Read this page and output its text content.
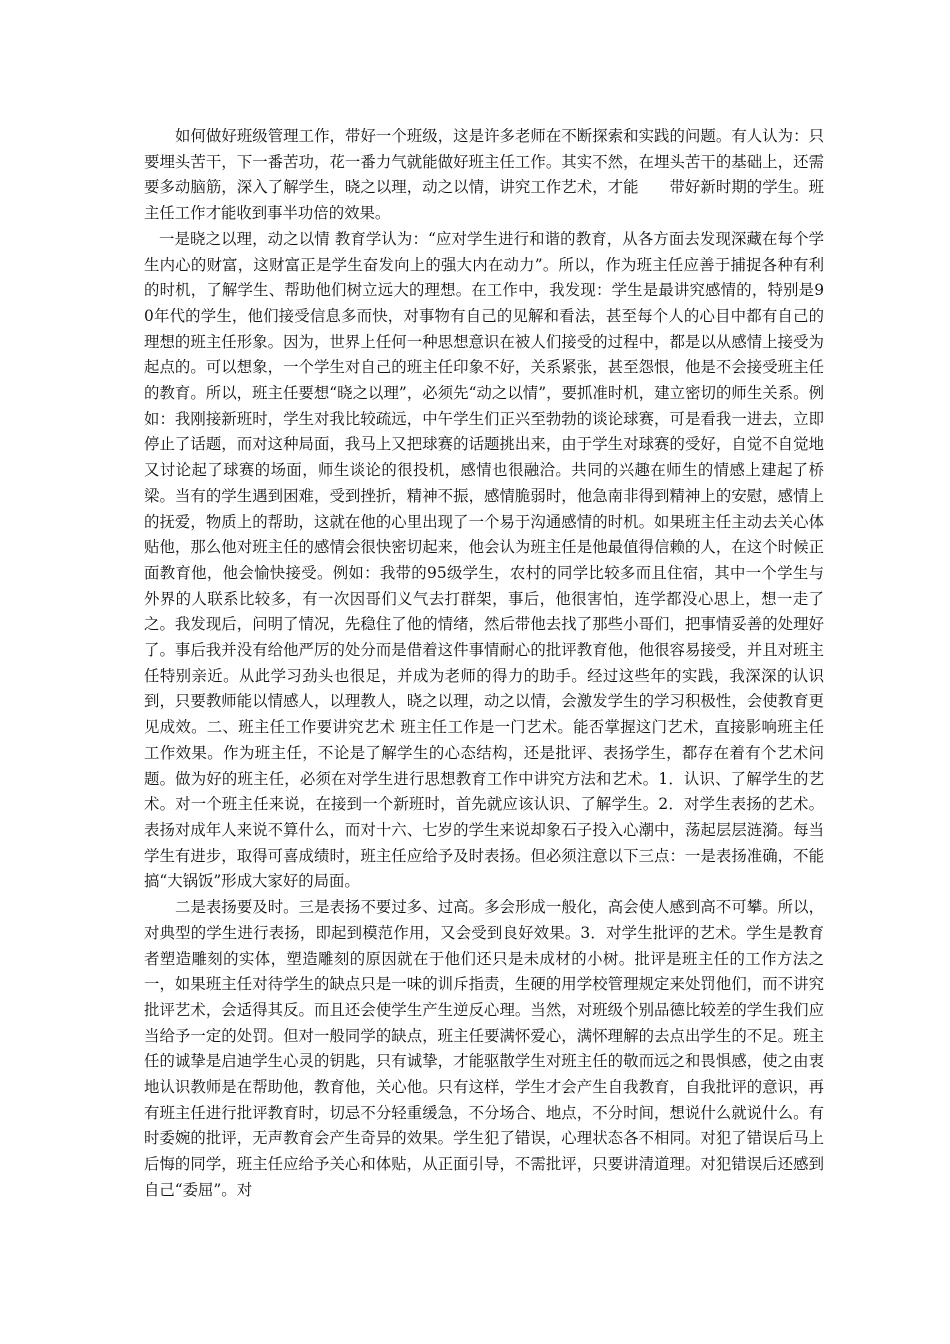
如何做好班级管理工作，带好一个班级，这是许多老师在不断探索和实践的问题。有人认为：只要埋头苦干，下一番苦功，花一番力气就能做好班主任工作。其实不然，在埋头苦干的基础上，还需要多动脑筋，深入了解学生，晓之以理，动之以情，讲究工作艺术，才能　　带好新时期的学生。班主任工作才能收到事半功倍的效果。

一是晓之以理，动之以情 教育学认为：“应对学生进行和谐的教育，从各方面去发现深藏在每个学生内心的财富，这财富正是学生奋发向上的强大内在动力”。所以，作为班主任应善于捕捉各种有利的时机，了解学生、帮助他们树立远大的理想。在工作中，我发现：学生是最讲究感情的，特别是90年代的学生，他们接受信息多而快，对事物有自己的见解和看法，甚至每个人的心目中都有自己的理想的班主任形象。因为，世界上任何一种思想意识在被人们接受的过程中，都是以从感情上接受为起点的。可以想象，一个学生对自己的班主任印象不好，关系紧张，甚至怨恨，他是不会接受班主任的教育。所以，班主任要想“晓之以理”，必须先“动之以情”，要抓准时机，建立密切的师生关系。例如：我刚接新班时，学生对我比较疏远，中午学生们正兴至勃勃的谈论球赛，可是看我一进去，立即停止了话题，而对这种局面，我马上又把球赛的话题挑出来，由于学生对球赛的受好，自觉不自觉地又讨论起了球赛的场面，师生谈论的很投机，感情也很融洽。共同的兴趣在师生的情感上建起了桥梁。当有的学生遇到困难，受到挫折，精神不振，感情脆弱时，他急南非得到精神上的安慰，感情上的抚爱，物质上的帮助，这就在他的心里出现了一个易于沟通感情的时机。如果班主任主动去关心体贴他，那么他对班主任的感情会很快密切起来，他会认为班主任是他最值得信赖的人，在这个时候正面教育他，他会愉快接受。例如：我带的95级学生，农村的同学比较多而且住宿，其中一个学生与外界的人联系比较多，有一次因哥们义气去打群架，事后，他很害怕，连学都没心思上，想一走了之。我发现后，问明了情况，先稳住了他的情绪，然后带他去找了那些小哥们，把事情妥善的处理好了。事后我并没有给他严厉的处分而是借着这件事情耐心的批评教育他，他很容易接受，并且对班主任特别亲近。从此学习劲头也很足，并成为老师的得力的助手。经过这些年的实践，我深深的认识到，只要教师能以情感人，以理教人，晓之以理，动之以情，会激发学生的学习积极性，会使教育更见成效。二、班主任工作要讲究艺术 班主任工作是一门艺术。能否掌握这门艺术，直接影响班主任工作效果。作为班主任，不论是了解学生的心态结构，还是批评、表扬学生，都存在着有个艺术问题。做为好的班主任，必须在对学生进行思想教育工作中讲究方法和艺术。1．认识、了解学生的艺术。对一个班主任来说，在接到一个新班时，首先就应该认识、了解学生。2．对学生表扬的艺术。表扬对成年人来说不算什么，而对十六、七岁的学生来说却象石子投入心潮中，荡起层层涟漪。每当学生有进步，取得可喜成绩时，班主任应给予及时表扬。但必须注意以下三点：一是表扬准确，不能搞“大锅饭”形成大家好的局面。

二是表扬要及时。三是表扬不要过多、过高。多会形成一般化，高会使人感到高不可攀。所以，对典型的学生进行表扬，即起到模范作用，又会受到良好效果。3．对学生批评的艺术。学生是教育者塑造雕刻的实体，塑造雕刻的原因就在于他们还只是未成材的小树。批评是班主任的工作方法之一，如果班主任对待学生的缺点只是一味的训斥指责，生硬的用学校管理规定来处罚他们，而不讲究批评艺术，会适得其反。而且还会使学生产生逆反心理。当然，对班级个别品德比较差的学生我们应当给予一定的处罚。但对一般同学的缺点，班主任要满怀爱心，满怀理解的去点出学生的不足。班主任的诚挚是启迪学生心灵的钥匙，只有诚挚，才能驱散学生对班主任的敬而远之和畏惧感，使之由衷地认识教师是在帮助他，教育他，关心他。只有这样，学生才会产生自我教育，自我批评的意识，再有班主任进行批评教育时，切忌不分轻重缓急，不分场合、地点，不分时间，想说什么就说什么。有时委婉的批评，无声教育会产生奇异的效果。学生犯了错误，心理状态各不相同。对犯了错误后马上后悔的同学，班主任应给予关心和体贴，从正面引导，不需批评，只要讲清道理。对犯错误后还感到自己“委屈”。对
